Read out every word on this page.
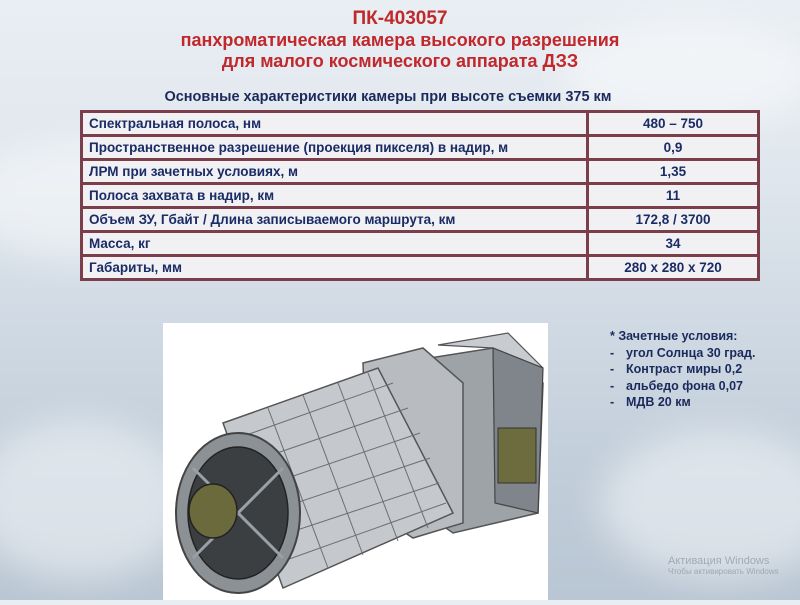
ПК-403057
панхроматическая камера высокого разрешения
для малого космического аппарата ДЗЗ
Основные характеристики камеры при высоте съемки 375 км
Спектральная полоса, нм	480 – 750
Пространственное разрешение (проекция пикселя) в надир, м	0,9
ЛРМ при зачетных условиях, м	1,35
Полоса захвата в надир, км	11
Объем ЗУ, Гбайт / Длина записываемого маршрута, км	172,8 / 3700
Масса, кг	34
Габариты, мм	280 х 280 х 720
* Зачетные условия:
- угол Солнца 30 град.
- Контраст миры 0,2
- альбедо фона 0,07
- МДВ 20 км
Активация Windows
Чтобы активировать Windows
